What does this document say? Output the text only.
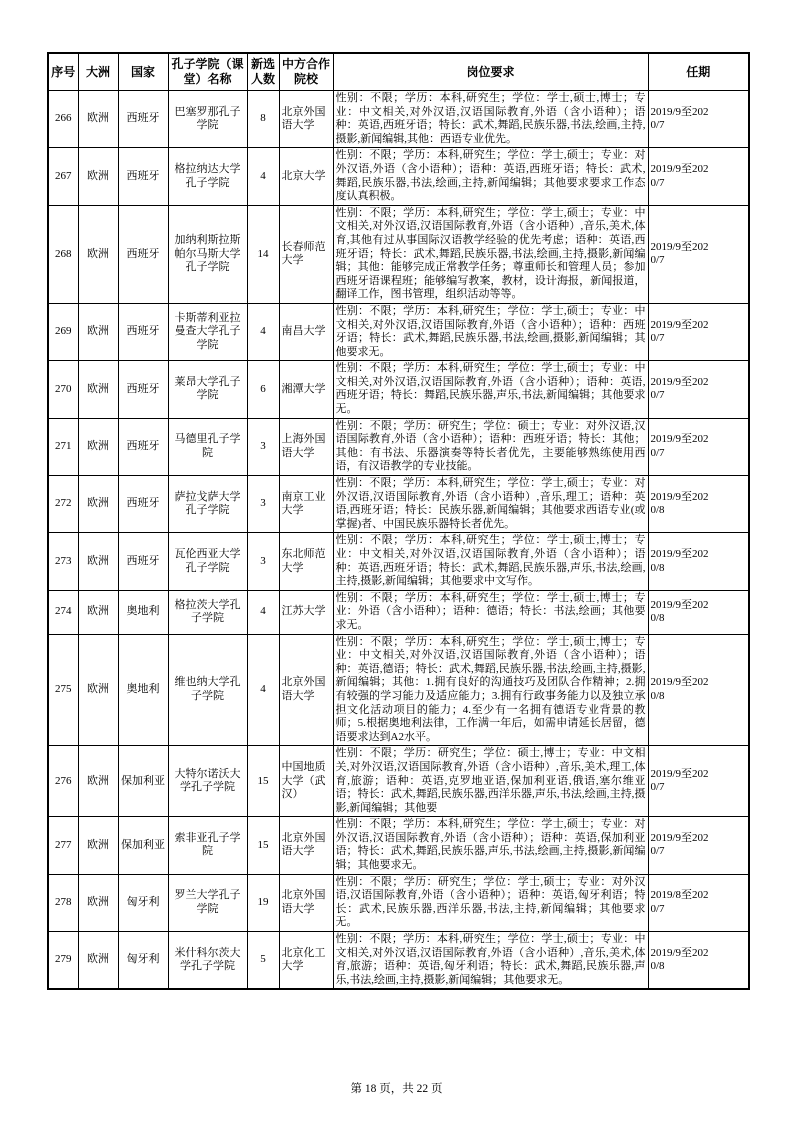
序号	大洲	国家	孔子学院（课堂）名称	新选人数	中方合作院校	岗位要求	任期
266	欧洲	西班牙	巴塞罗那孔子学院	8	北京外国语大学	性别：不限；学历：本科,研究生；学位：学士,硕士,博士；专业：中文相关,对外汉语,汉语国际教育,外语（含小语种）；语种：英语,西班牙语；特长：武术,舞蹈,民族乐器,书法,绘画,主持,摄影,新闻编辑,其他：西语专业优先。	2019/9至2020/7
267	欧洲	西班牙	格拉纳达大学孔子学院	4	北京大学	性别：不限；学历：本科,研究生；学位：学士,硕士；专业：对外汉语,外语（含小语种）；语种：英语,西班牙语；特长：武术,舞蹈,民族乐器,书法,绘画,主持,新闻编辑；其他要求要求工作态度认真积极。	2019/9至2020/7
268	欧洲	西班牙	加纳利斯拉斯帕尔马斯大学孔子学院	14	长春师范大学	性别：不限；学历：本科,研究生；学位：学士,硕士；专业：中文相关,对外汉语,汉语国际教育,外语（含小语种）,音乐,美术,体育,其他有过从事国际汉语教学经验的优先考虑；语种：英语,西班牙语；特长：武术,舞蹈,民族乐器,书法,绘画,主持,摄影,新闻编辑；其他：能够完成正常教学任务；尊重师长和管理人员；参加西班牙语课程班；能够编写教案，教材，设计海报，新闻报道，翻译工作，图书管理，组织活动等等。	2019/9至2020/7
269	欧洲	西班牙	卡斯蒂利亚拉曼查大学孔子学院	4	南昌大学	性别：不限；学历：本科,研究生；学位：学士,硕士；专业：中文相关,对外汉语,汉语国际教育,外语（含小语种）；语种：西班牙语；特长：武术,舞蹈,民族乐器,书法,绘画,摄影,新闻编辑；其他要求无。	2019/9至2020/7
270	欧洲	西班牙	莱昂大学孔子学院	6	湘潭大学	性别：不限；学历：本科,研究生；学位：学士,硕士；专业：中文相关,对外汉语,汉语国际教育,外语（含小语种）；语种：英语,西班牙语；特长：舞蹈,民族乐器,声乐,书法,新闻编辑；其他要求无。	2019/9至2020/7
271	欧洲	西班牙	马德里孔子学院	3	上海外国语大学	性别：不限；学历：研究生；学位：硕士；专业：对外汉语,汉语国际教育,外语（含小语种）；语种：西班牙语；特长：其他；其他：有书法、乐器演奏等特长者优先，主要能够熟练使用西语，有汉语教学的专业技能。	2019/9至2020/7
272	欧洲	西班牙	萨拉戈萨大学孔子学院	3	南京工业大学	性别：不限；学历：本科,研究生；学位：学士,硕士；专业：对外汉语,汉语国际教育,外语（含小语种）,音乐,理工；语种：英语,西班牙语；特长：民族乐器,新闻编辑；其他要求西语专业(或掌握)者、中国民族乐器特长者优先。	2019/9至2020/8
273	欧洲	西班牙	瓦伦西亚大学孔子学院	3	东北师范大学	性别：不限；学历：本科,研究生；学位：学士,硕士,博士；专业：中文相关,对外汉语,汉语国际教育,外语（含小语种）；语种：英语,西班牙语；特长：武术,舞蹈,民族乐器,声乐,书法,绘画,主持,摄影,新闻编辑；其他要求中文写作。	2019/9至2020/8
274	欧洲	奥地利	格拉茨大学孔子学院	4	江苏大学	性别：不限；学历：本科,研究生；学位：学士,硕士,博士；专业：外语（含小语种）；语种：德语；特长：书法,绘画；其他要求无。	2019/9至2020/8
275	欧洲	奥地利	维也纳大学孔子学院	4	北京外国语大学	性别：不限；学历：本科,研究生；学位：学士,硕士,博士；专业：中文相关,对外汉语,汉语国际教育,外语（含小语种）；语种：英语,德语；特长：武术,舞蹈,民族乐器,书法,绘画,主持,摄影,新闻编辑；其他：1.拥有良好的沟通技巧及团队合作精神；2.拥有较强的学习能力及适应能力；3.拥有行政事务能力以及独立承担文化活动项目的能力；4.至少有一名拥有德语专业背景的教师；5.根据奥地利法律，工作满一年后，如需申请延长居留，德语要求达到A2水平。	2019/9至2020/8
276	欧洲	保加利亚	大特尔诺沃大学孔子学院	15	中国地质大学（武汉）	性别：不限；学历：研究生；学位：硕士,博士；专业：中文相关,对外汉语,汉语国际教育,外语（含小语种）,音乐,美术,理工,体育,旅游；语种：英语,克罗地亚语,保加利亚语,俄语,塞尔维亚语；特长：武术,舞蹈,民族乐器,西洋乐器,声乐,书法,绘画,主持,摄影,新闻编辑；其他要	2019/9至2020/7
277	欧洲	保加利亚	索非亚孔子学院	15	北京外国语大学	性别：不限；学历：本科,研究生；学位：学士,硕士；专业：对外汉语,汉语国际教育,外语（含小语种）；语种：英语,保加利亚语；特长：武术,舞蹈,民族乐器,声乐,书法,绘画,主持,摄影,新闻编辑；其他要求无。	2019/9至2020/7
278	欧洲	匈牙利	罗兰大学孔子学院	19	北京外国语大学	性别：不限；学历：研究生；学位：学士,硕士；专业：对外汉语,汉语国际教育,外语（含小语种）；语种：英语,匈牙利语；特长：武术,民族乐器,西洋乐器,书法,主持,新闻编辑；其他要求无。	2019/8至2020/7
279	欧洲	匈牙利	米什科尔茨大学孔子学院	5	北京化工大学	性别：不限；学历：本科,研究生；学位：学士,硕士；专业：中文相关,对外汉语,汉语国际教育,外语（含小语种）,音乐,美术,体育,旅游；语种：英语,匈牙利语；特长：武术,舞蹈,民族乐器,声乐,书法,绘画,主持,摄影,新闻编辑；其他要求无。	2019/9至2020/8
第 18 页，共 22 页
